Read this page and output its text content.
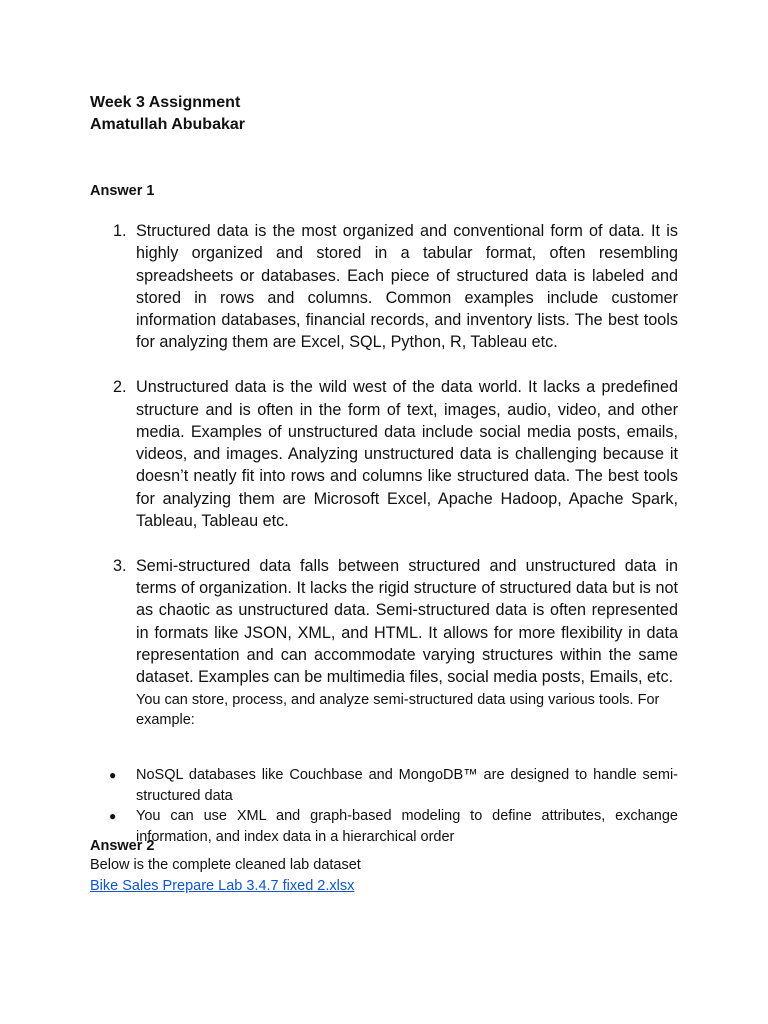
Week 3 Assignment
Amatullah Abubakar
Answer 1
1. Structured data is the most organized and conventional form of data. It is highly organized and stored in a tabular format, often resembling spreadsheets or databases. Each piece of structured data is labeled and stored in rows and columns. Common examples include customer information databases, financial records, and inventory lists. The best tools for analyzing them are Excel, SQL, Python, R, Tableau etc.
2. Unstructured data is the wild west of the data world. It lacks a predefined structure and is often in the form of text, images, audio, video, and other media. Examples of unstructured data include social media posts, emails, videos, and images. Analyzing unstructured data is challenging because it doesn’t neatly fit into rows and columns like structured data. The best tools for analyzing them are Microsoft Excel, Apache Hadoop, Apache Spark, Tableau, Tableau etc.
3. Semi-structured data falls between structured and unstructured data in terms of organization. It lacks the rigid structure of structured data but is not as chaotic as unstructured data. Semi-structured data is often represented in formats like JSON, XML, and HTML. It allows for more flexibility in data representation and can accommodate varying structures within the same dataset. Examples can be multimedia files, social media posts, Emails, etc.
You can store, process, and analyze semi-structured data using various tools. For example:
● NoSQL databases like Couchbase and MongoDB™ are designed to handle semi-structured data
● You can use XML and graph-based modeling to define attributes, exchange information, and index data in a hierarchical order
Answer 2

Below is the complete cleaned lab dataset

Bike Sales Prepare Lab 3.4.7 fixed 2.xlsx
